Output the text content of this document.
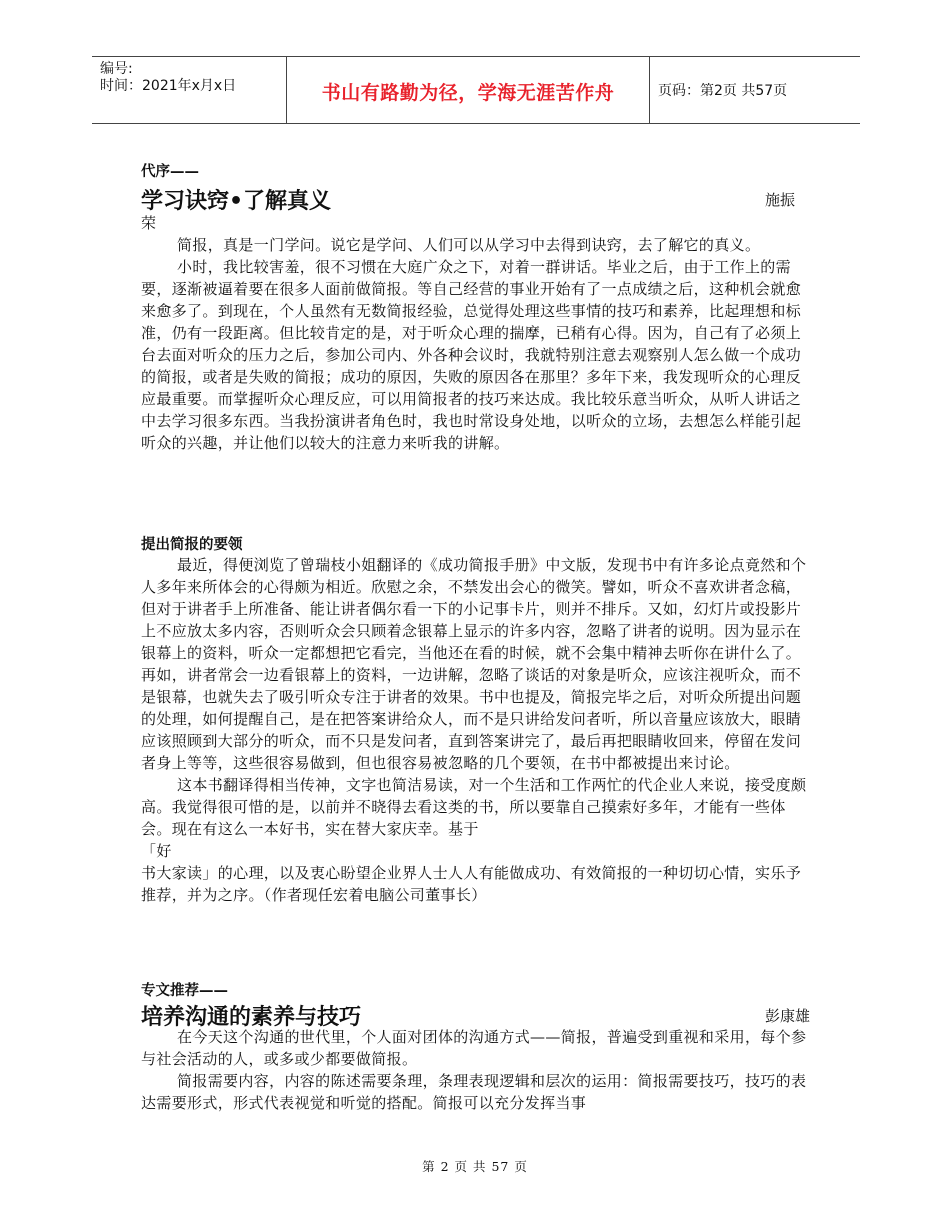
编号:
时间：2021年x月x日	书山有路勤为径，学海无涯苦作舟	页码：第2页 共57页
代序——
学习诀窍•了解真义	施振
荣

简报，真是一门学问。说它是学问、人们可以从学习中去得到诀窍，去了解它的真义。

小时，我比较害羞，很不习惯在大庭广众之下，对着一群讲话。毕业之后，由于工作上的需要，逐渐被逼着要在很多人面前做简报。等自己经营的事业开始有了一点成绩之后，这种机会就愈来愈多了。到现在，个人虽然有无数简报经验，总觉得处理这些事情的技巧和素养，比起理想和标准，仍有一段距离。但比较肯定的是，对于听众心理的揣摩，已稍有心得。因为，自己有了必须上台去面对听众的压力之后，参加公司内、外各种会议时，我就特别注意去观察别人怎么做一个成功的简报，或者是失败的简报；成功的原因，失败的原因各在那里？多年下来，我发现听众的心理反应最重要。而掌握听众心理反应，可以用简报者的技巧来达成。我比较乐意当听众，从听人讲话之中去学习很多东西。当我扮演讲者角色时，我也时常设身处地，以听众的立场，去想怎么样能引起听众的兴趣，并让他们以较大的注意力来听我的讲解。

提出简报的要领

最近，得便浏览了曾瑞枝小姐翻译的《成功简报手册》中文版，发现书中有许多论点竟然和个人多年来所体会的心得颇为相近。欣慰之余，不禁发出会心的微笑。譬如，听众不喜欢讲者念稿，但对于讲者手上所准备、能让讲者偶尔看一下的小记事卡片，则并不排斥。又如，幻灯片或投影片上不应放太多内容，否则听众会只顾着念银幕上显示的许多内容，忽略了讲者的说明。因为显示在银幕上的资料，听众一定都想把它看完，当他还在看的时候，就不会集中精神去听你在讲什么了。再如，讲者常会一边看银幕上的资料，一边讲解，忽略了谈话的对象是听众，应该注视听众，而不是银幕，也就失去了吸引听众专注于讲者的效果。书中也提及，简报完毕之后，对听众所提出问题的处理，如何提醒自己，是在把答案讲给众人，而不是只讲给发问者听，所以音量应该放大，眼睛应该照顾到大部分的听众，而不只是发问者，直到答案讲完了，最后再把眼睛收回来，停留在发问者身上等等，这些很容易做到，但也很容易被忽略的几个要领，在书中都被提出来讨论。

这本书翻译得相当传神，文字也简洁易读，对一个生活和工作两忙的代企业人来说，接受度颇高。我觉得很可惜的是，以前并不晓得去看这类的书，所以要靠自己摸索好多年，才能有一些体会。现在有这么一本好书，实在替大家庆幸。基于

「好

书大家读」的心理，以及衷心盼望企业界人士人人有能做成功、有效简报的一种切切心情，实乐予推荐，并为之序。（作者现任宏着电脑公司董事长）

专文推荐——
培养沟通的素养与技巧	彭康雄

在今天这个沟通的世代里，个人面对团体的沟通方式——简报，普遍受到重视和采用，每个参与社会活动的人，或多或少都要做简报。

简报需要内容，内容的陈述需要条理，条理表现逻辑和层次的运用：简报需要技巧，技巧的表达需要形式，形式代表视觉和听觉的搭配。简报可以充分发挥当事

第 2 页 共 57 页
